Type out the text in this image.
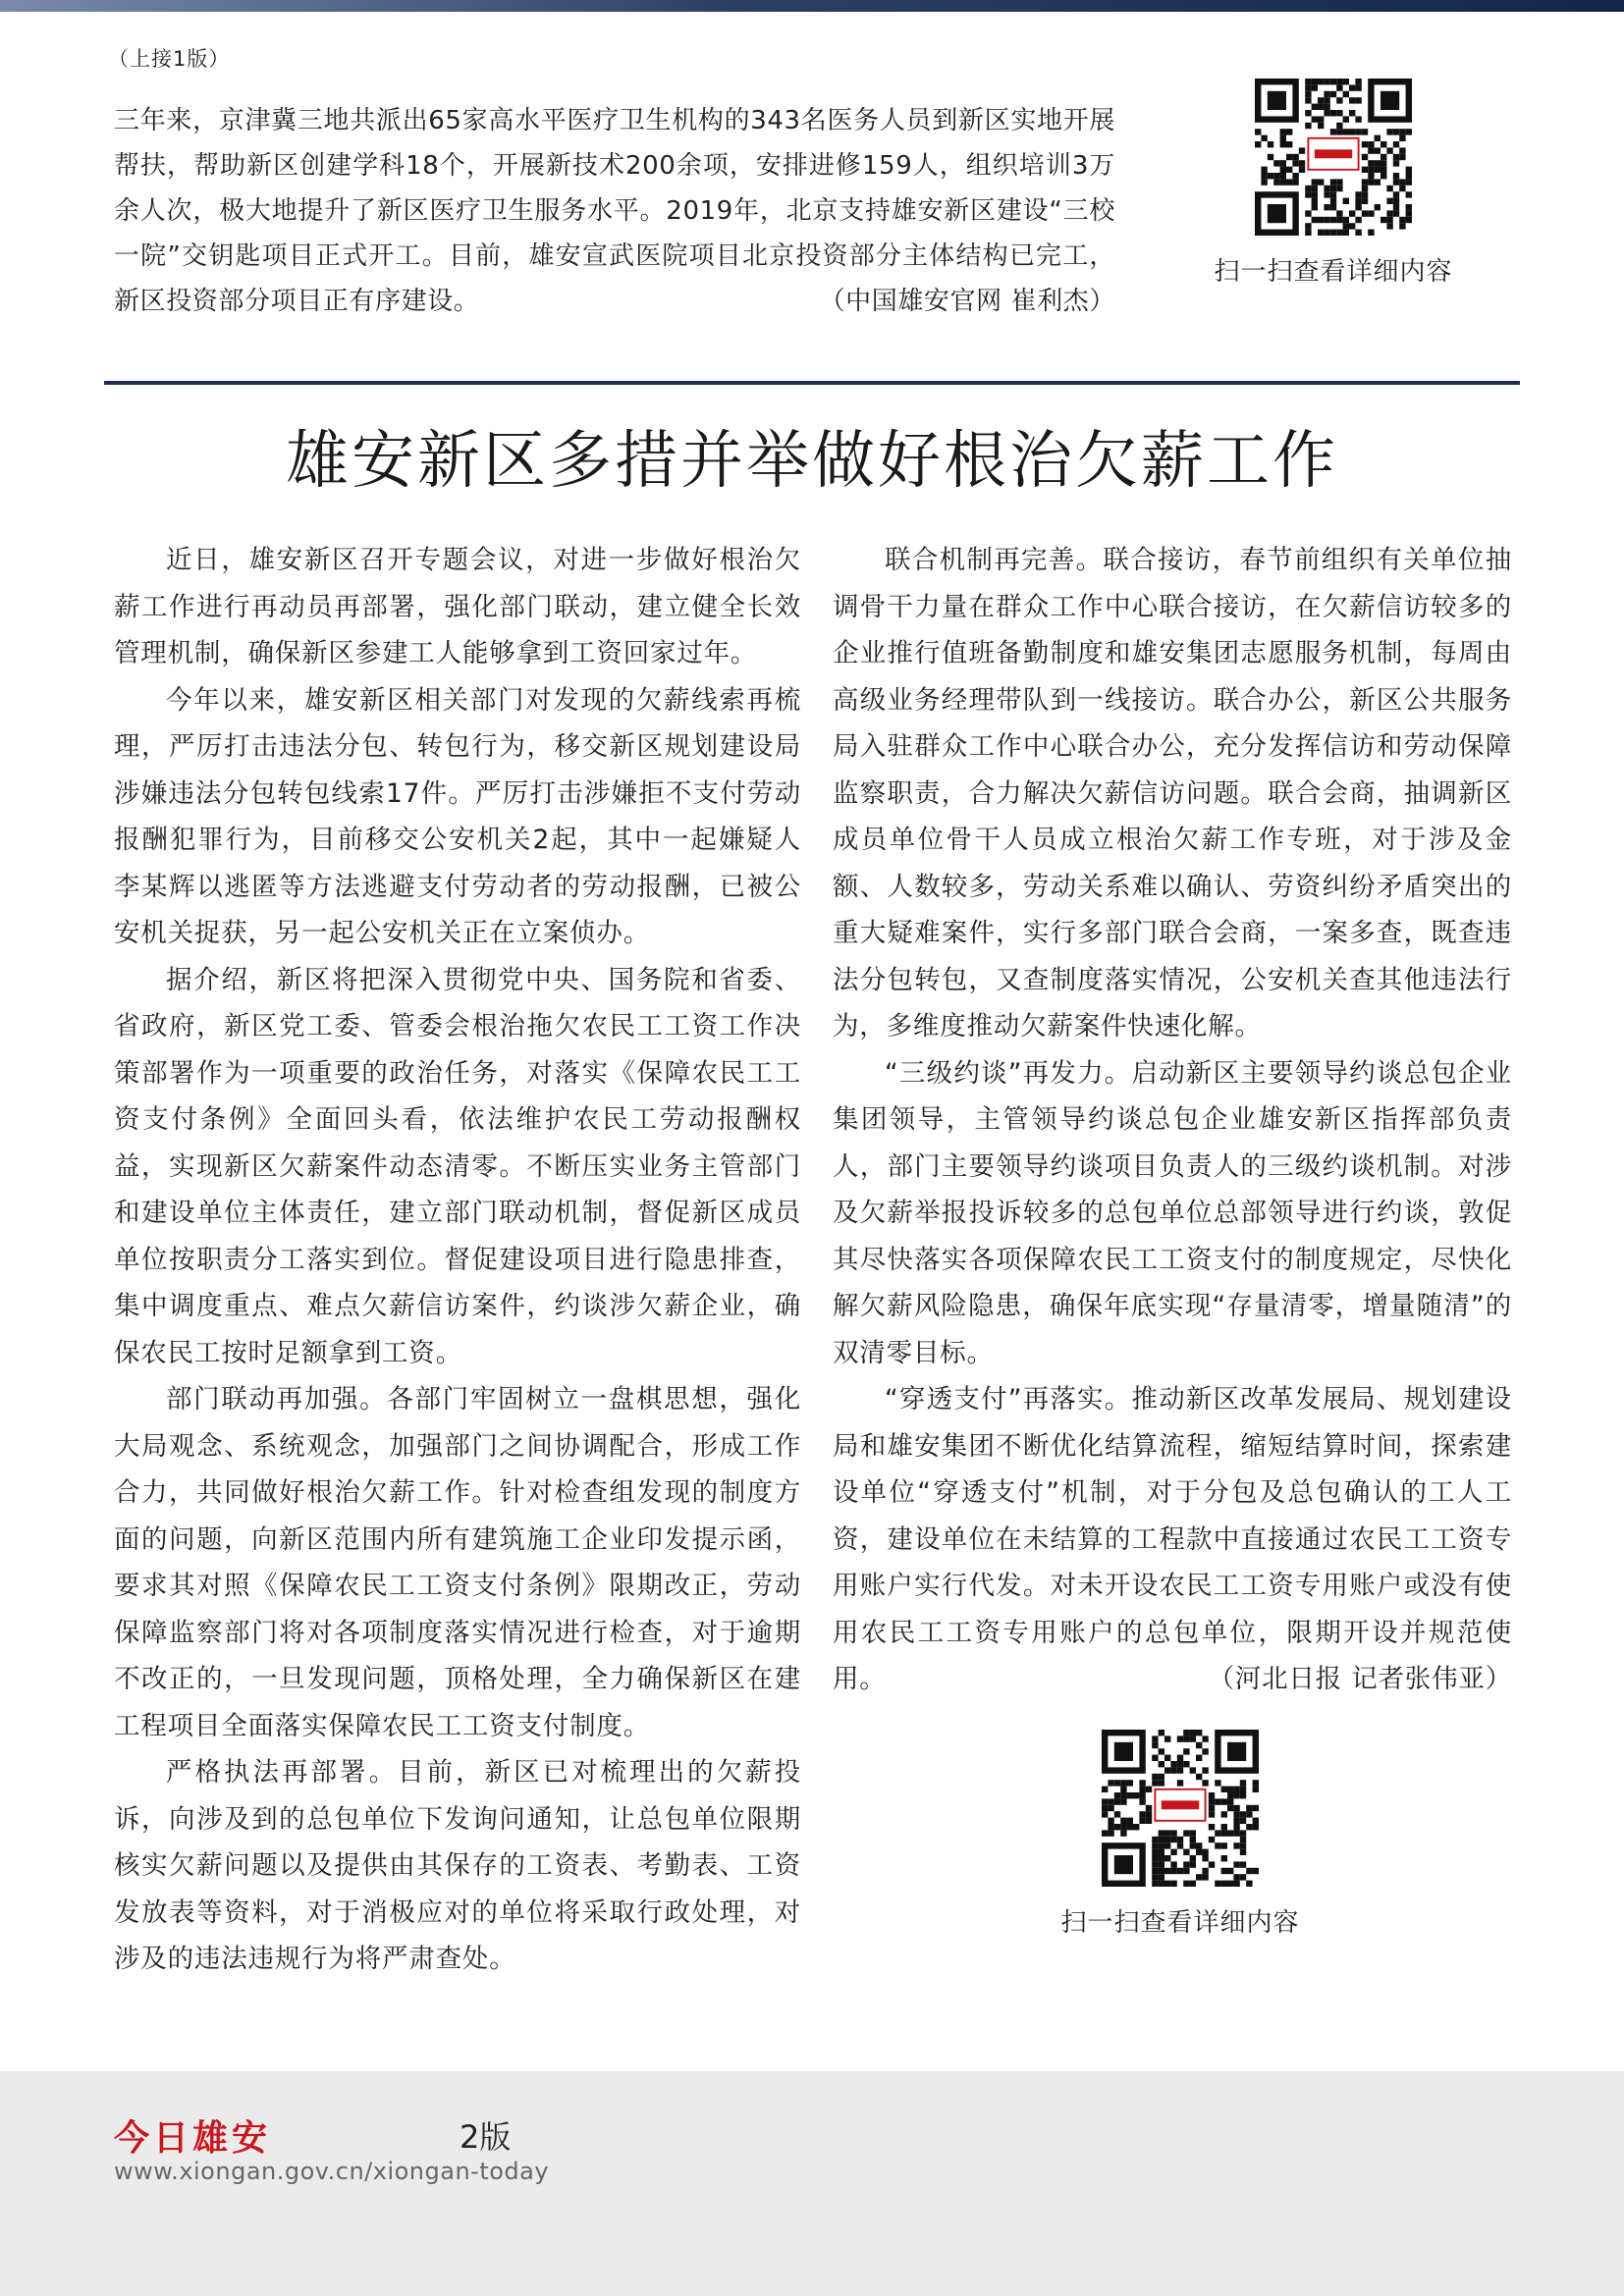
（上接1版）
三年来，京津冀三地共派出65家高水平医疗卫生机构的343名医务人员到新区实地开展帮扶，帮助新区创建学科18个，开展新技术200余项，安排进修159人，组织培训3万余人次，极大地提升了新区医疗卫生服务水平。2019年，北京支持雄安新区建设“三校一院”交钥匙项目正式开工。目前，雄安宣武医院项目北京投资部分主体结构已完工，新区投资部分项目正有序建设。	（中国雄安官网 崔利杰）
扫一扫查看详细内容
雄安新区多措并举做好根治欠薪工作

近日，雄安新区召开专题会议，对进一步做好根治欠薪工作进行再动员再部署，强化部门联动，建立健全长效管理机制，确保新区参建工人能够拿到工资回家过年。

今年以来，雄安新区相关部门对发现的欠薪线索再梳理，严厉打击违法分包、转包行为，移交新区规划建设局涉嫌违法分包转包线索17件。严厉打击涉嫌拒不支付劳动报酬犯罪行为，目前移交公安机关2起，其中一起嫌疑人李某辉以逃匿等方法逃避支付劳动者的劳动报酬，已被公安机关捉获，另一起公安机关正在立案侦办。

据介绍，新区将把深入贯彻党中央、国务院和省委、省政府，新区党工委、管委会根治拖欠农民工工资工作决策部署作为一项重要的政治任务，对落实《保障农民工工资支付条例》全面回头看，依法维护农民工劳动报酬权益，实现新区欠薪案件动态清零。不断压实业务主管部门和建设单位主体责任，建立部门联动机制，督促新区成员单位按职责分工落实到位。督促建设项目进行隐患排查，集中调度重点、难点欠薪信访案件，约谈涉欠薪企业，确保农民工按时足额拿到工资。

部门联动再加强。各部门牢固树立一盘棋思想，强化大局观念、系统观念，加强部门之间协调配合，形成工作合力，共同做好根治欠薪工作。针对检查组发现的制度方面的问题，向新区范围内所有建筑施工企业印发提示函，要求其对照《保障农民工工资支付条例》限期改正，劳动保障监察部门将对各项制度落实情况进行检查，对于逾期不改正的，一旦发现问题，顶格处理，全力确保新区在建工程项目全面落实保障农民工工资支付制度。

严格执法再部署。目前，新区已对梳理出的欠薪投诉，向涉及到的总包单位下发询问通知，让总包单位限期核实欠薪问题以及提供由其保存的工资表、考勤表、工资发放表等资料，对于消极应对的单位将采取行政处理，对涉及的违法违规行为将严肃查处。

联合机制再完善。联合接访，春节前组织有关单位抽调骨干力量在群众工作中心联合接访，在欠薪信访较多的企业推行值班备勤制度和雄安集团志愿服务机制，每周由高级业务经理带队到一线接访。联合办公，新区公共服务局入驻群众工作中心联合办公，充分发挥信访和劳动保障监察职责，合力解决欠薪信访问题。联合会商，抽调新区成员单位骨干人员成立根治欠薪工作专班，对于涉及金额、人数较多，劳动关系难以确认、劳资纠纷矛盾突出的重大疑难案件，实行多部门联合会商，一案多查，既查违法分包转包，又查制度落实情况，公安机关查其他违法行为，多维度推动欠薪案件快速化解。

“三级约谈”再发力。启动新区主要领导约谈总包企业集团领导，主管领导约谈总包企业雄安新区指挥部负责人，部门主要领导约谈项目负责人的三级约谈机制。对涉及欠薪举报投诉较多的总包单位总部领导进行约谈，敦促其尽快落实各项保障农民工工资支付的制度规定，尽快化解欠薪风险隐患，确保年底实现“存量清零，增量随清”的双清零目标。

“穿透支付”再落实。推动新区改革发展局、规划建设局和雄安集团不断优化结算流程，缩短结算时间，探索建设单位“穿透支付”机制，对于分包及总包确认的工人工资，建设单位在未结算的工程款中直接通过农民工工资专用账户实行代发。对未开设农民工工资专用账户或没有使用农民工工资专用账户的总包单位，限期开设并规范使用。	（河北日报 记者张伟亚）

扫一扫查看详细内容
今日雄安	2版
www.xiongan.gov.cn/xiongan-today
